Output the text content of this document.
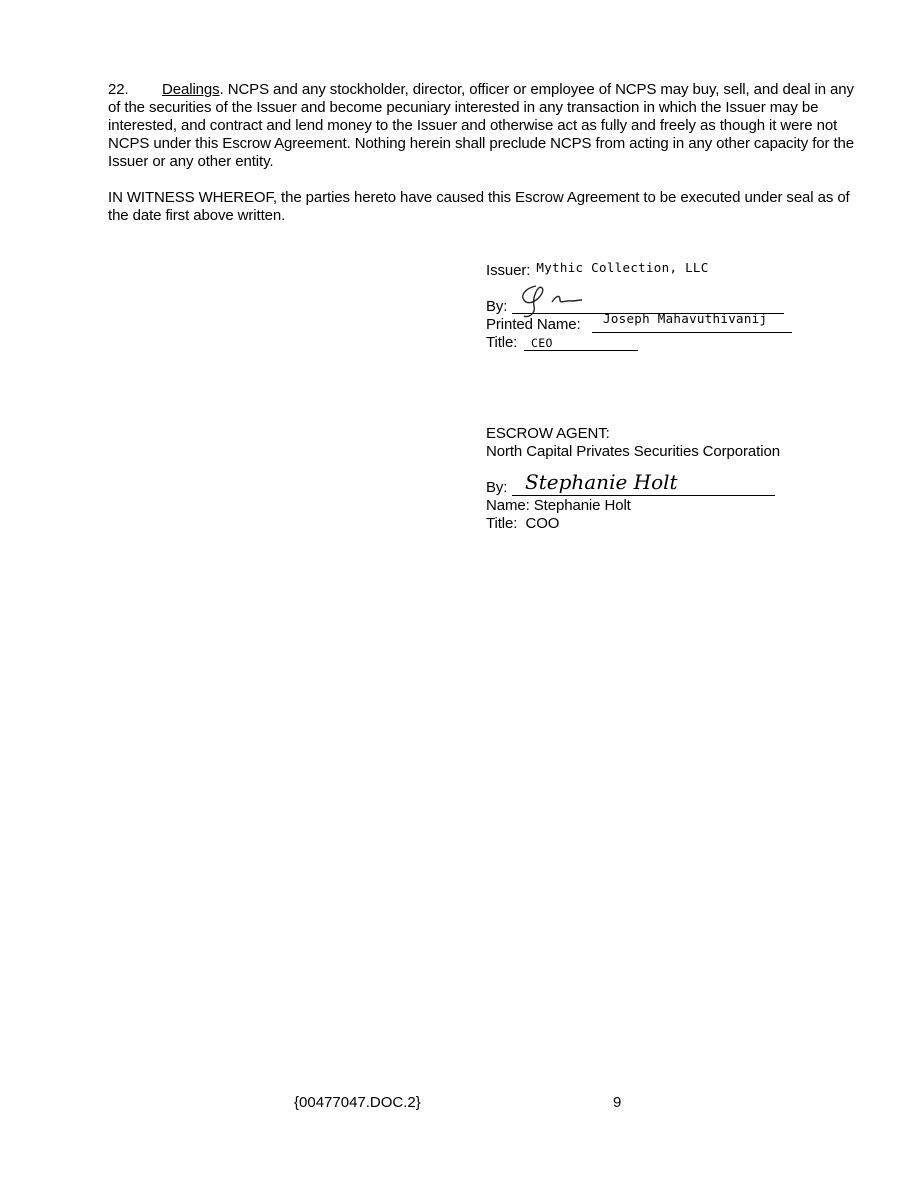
22. Dealings. NCPS and any stockholder, director, officer or employee of NCPS may buy, sell, and deal in any of the securities of the Issuer and become pecuniary interested in any transaction in which the Issuer may be interested, and contract and lend money to the Issuer and otherwise act as fully and freely as though it were not NCPS under this Escrow Agreement. Nothing herein shall preclude NCPS from acting in any other capacity for the Issuer or any other entity.
IN WITNESS WHEREOF, the parties hereto have caused this Escrow Agreement to be executed under seal as of the date first above written.
Issuer: $^{Mythic Collection, LLC}$
By:
Printed Name: Joseph Mahavuthivanij
Title: CEO
ESCROW AGENT:
North Capital Privates Securities Corporation
By: Stephanie Holt
Name: Stephanie Holt
Title:  COO
{00477047.DOC.2}	9
